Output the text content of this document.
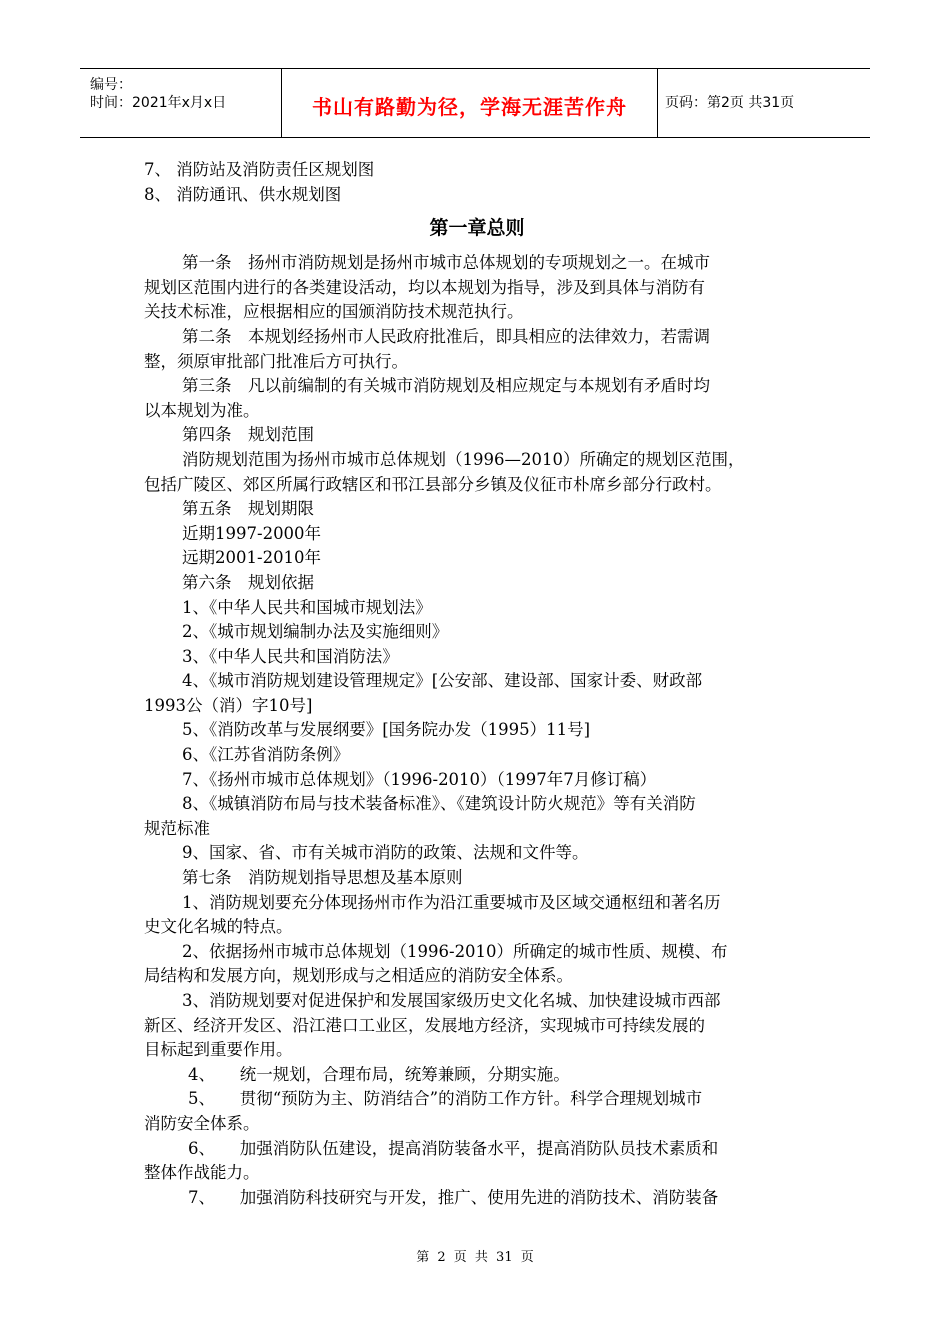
编号：
时间：2021年x月x日	书山有路勤为径，学海无涯苦作舟	页码：第2页 共31页
7、 消防站及消防责任区规划图
8、 消防通讯、供水规划图
第一章总则
第一条　扬州市消防规划是扬州市城市总体规划的专项规划之一。在城市
规划区范围内进行的各类建设活动，均以本规划为指导，涉及到具体与消防有
关技术标准，应根据相应的国颁消防技术规范执行。
第二条　本规划经扬州市人民政府批准后，即具相应的法律效力，若需调
整，须原审批部门批准后方可执行。
第三条　凡以前编制的有关城市消防规划及相应规定与本规划有矛盾时均
以本规划为准。
第四条　规划范围
消防规划范围为扬州市城市总体规划（1996—2010）所确定的规划区范围，
包括广陵区、郊区所属行政辖区和邗江县部分乡镇及仪征市朴席乡部分行政村。
第五条　规划期限
近期1997-2000年
远期2001-2010年
第六条　规划依据
1、《中华人民共和国城市规划法》
2、《城市规划编制办法及实施细则》
3、《中华人民共和国消防法》
4、《城市消防规划建设管理规定》[公安部、建设部、国家计委、财政部
1993公（消）字10号]
5、《消防改革与发展纲要》[国务院办发（1995）11号]
6、《江苏省消防条例》
7、《扬州市城市总体规划》（1996-2010）（1997年7月修订稿）
8、《城镇消防布局与技术装备标准》、《建筑设计防火规范》等有关消防
规范标准
9、国家、省、市有关城市消防的政策、法规和文件等。
第七条　消防规划指导思想及基本原则
1、消防规划要充分体现扬州市作为沿江重要城市及区域交通枢纽和著名历
史文化名城的特点。
2、依据扬州市城市总体规划（1996-2010）所确定的城市性质、规模、布
局结构和发展方向，规划形成与之相适应的消防安全体系。
3、消防规划要对促进保护和发展国家级历史文化名城、加快建设城市西部
新区、经济开发区、沿江港口工业区，发展地方经济，实现城市可持续发展的
目标起到重要作用。
4、　　统一规划，合理布局，统筹兼顾，分期实施。
5、　　贯彻“预防为主、防消结合”的消防工作方针。科学合理规划城市
消防安全体系。
6、　　加强消防队伍建设，提高消防装备水平，提高消防队员技术素质和
整体作战能力。
7、　　加强消防科技研究与开发，推广、使用先进的消防技术、消防装备
第 2 页 共 31 页
